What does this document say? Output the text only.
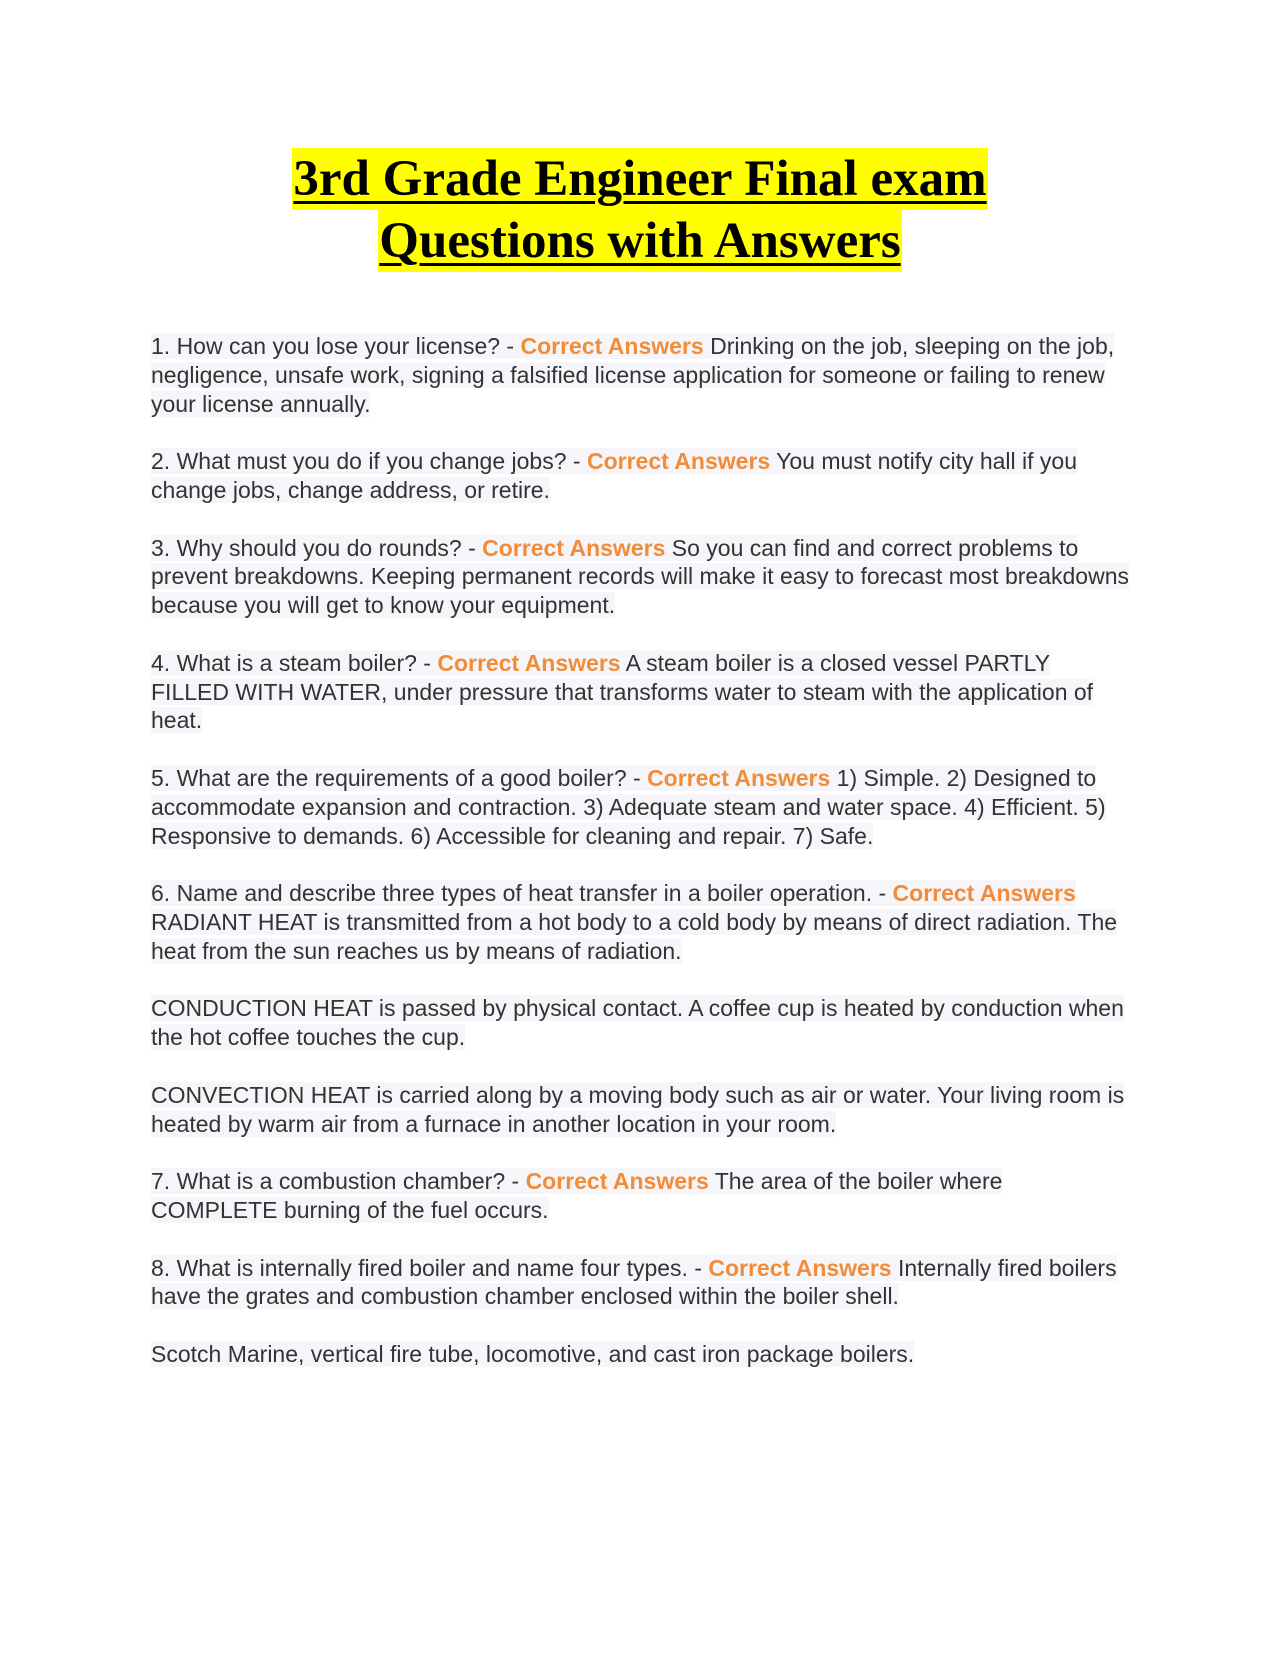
3rd Grade Engineer Final exam
Questions with Answers

1. How can you lose your license? - Correct Answers Drinking on the job, sleeping on the job, negligence, unsafe work, signing a falsified license application for someone or failing to renew your license annually.

2. What must you do if you change jobs? - Correct Answers You must notify city hall if you change jobs, change address, or retire.

3. Why should you do rounds? - Correct Answers So you can find and correct problems to prevent breakdowns. Keeping permanent records will make it easy to forecast most breakdowns because you will get to know your equipment.

4. What is a steam boiler? - Correct Answers A steam boiler is a closed vessel PARTLY FILLED WITH WATER, under pressure that transforms water to steam with the application of heat.

5. What are the requirements of a good boiler? - Correct Answers 1) Simple. 2) Designed to accommodate expansion and contraction. 3) Adequate steam and water space. 4) Efficient. 5) Responsive to demands. 6) Accessible for cleaning and repair. 7) Safe.

6. Name and describe three types of heat transfer in a boiler operation. - Correct Answers RADIANT HEAT is transmitted from a hot body to a cold body by means of direct radiation. The heat from the sun reaches us by means of radiation.

CONDUCTION HEAT is passed by physical contact. A coffee cup is heated by conduction when the hot coffee touches the cup.

CONVECTION HEAT is carried along by a moving body such as air or water. Your living room is heated by warm air from a furnace in another location in your room.

7. What is a combustion chamber? - Correct Answers The area of the boiler where COMPLETE burning of the fuel occurs.

8. What is internally fired boiler and name four types. - Correct Answers Internally fired boilers have the grates and combustion chamber enclosed within the boiler shell.

Scotch Marine, vertical fire tube, locomotive, and cast iron package boilers.
